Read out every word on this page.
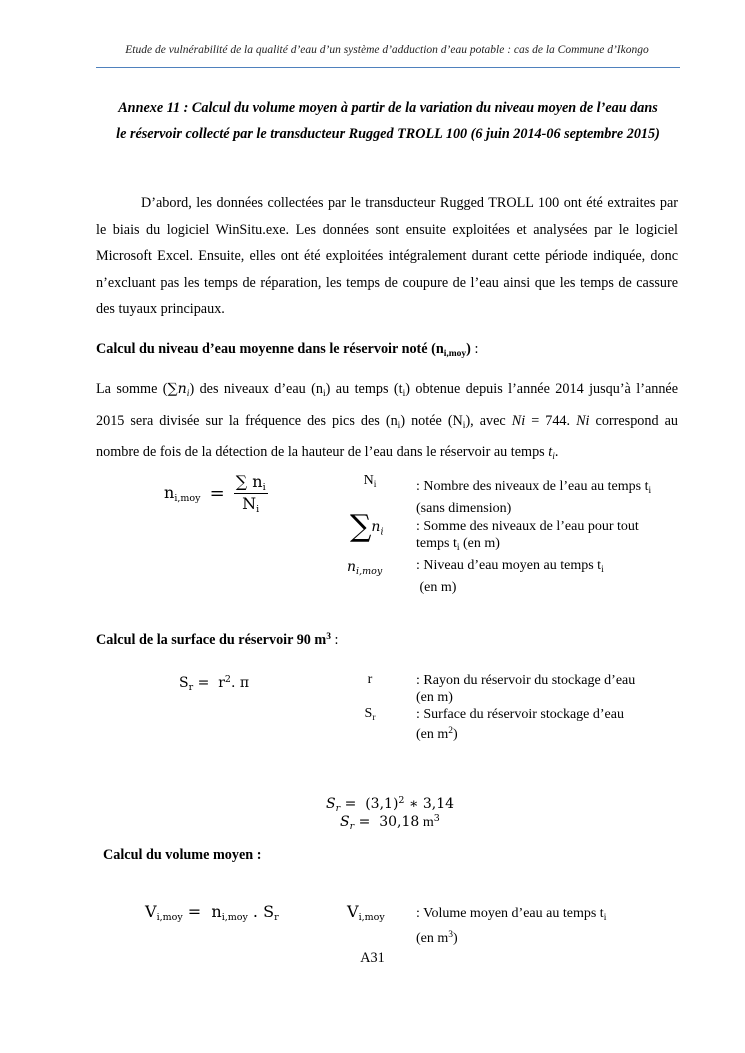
Etude de vulnérabilité de la qualité d’eau d’un système d’adduction d’eau potable : cas de la Commune d’Ikongo
Annexe 11 : Calcul du volume moyen à partir de la variation du niveau moyen de l’eau dans
le réservoir collecté par le transducteur Rugged TROLL 100 (6 juin 2014-06 septembre 2015)
D’abord, les données collectées par le transducteur Rugged TROLL 100 ont été extraites par le biais du logiciel WinSitu.exe. Les données sont ensuite exploitées et analysées par le logiciel Microsoft Excel. Ensuite, elles ont été exploitées intégralement durant cette période indiquée, donc n’excluant pas les temps de réparation, les temps de coupure de l’eau ainsi que les temps de cassure des tuyaux principaux.
Calcul du niveau d’eau moyenne dans le réservoir noté $(n_{i,moy})$ :
La somme $(\sum n_i)$ des niveaux d’eau $(n_i)$ au temps $(t_i)$ obtenue depuis l’année 2014 jusqu’à l’année 2015 sera divisée sur la fréquence des pics des $(n_i)$ notée $(N_i)$, avec Ni = 744. Ni correspond au nombre de fois de la détection de la hauteur de l’eau dans le réservoir au temps $t_i$.
$n_{i,moy} = \frac{\sum n_i}{N_i}$	$N_i$	: Nombre des niveaux de l’eau au temps $t_i$
(sans dimension)
$\sum n_i$ : Somme des niveaux de l’eau pour tout
temps $t_i$ (en m)
$n_{i,moy}$ : Niveau d’eau moyen au temps $t_i$
(en m)
Calcul de la surface du réservoir 90 $m^3$ :
$S_r = r^2$. π	r	: Rayon du réservoir du stockage d’eau
(en m)
$S_r$	: Surface du réservoir stockage d’eau
(en $m^2$)
$S_r = (3,1)^2$ ∗ 3,14
$S_r = 30,18$ $m^3$
Calcul du volume moyen :
$V_{i,moy} = n_{i,moy}$ . $S_r$	$V_{i,moy}$ : Volume moyen d’eau au temps $t_i$
(en $m^3$)
A31
